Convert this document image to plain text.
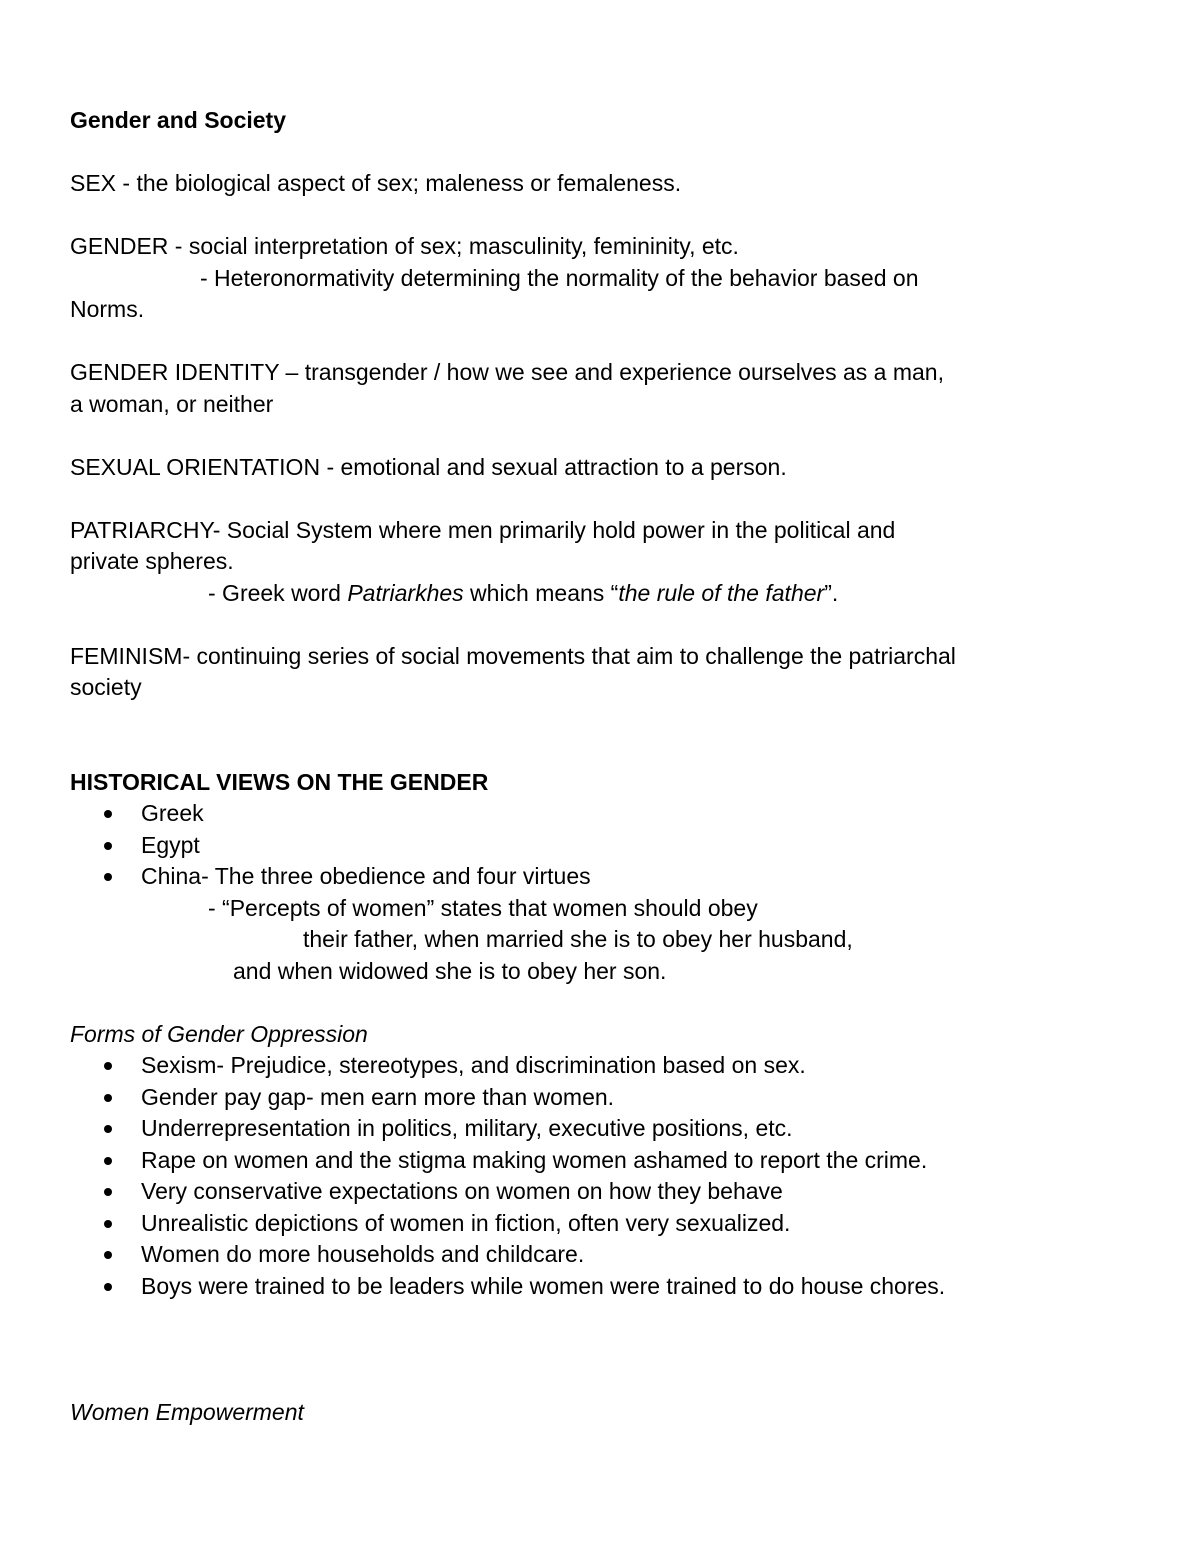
Gender and Society
SEX - the biological aspect of sex; maleness or femaleness.
GENDER - social interpretation of sex; masculinity, femininity, etc.
- Heteronormativity determining the normality of the behavior based on
Norms.
GENDER IDENTITY – transgender / how we see and experience ourselves as a man,
a woman, or neither
SEXUAL ORIENTATION - emotional and sexual attraction to a person.
PATRIARCHY- Social System where men primarily hold power in the political and
private spheres.
- Greek word Patriarkhes which means “the rule of the father”.
FEMINISM- continuing series of social movements that aim to challenge the patriarchal
society
HISTORICAL VIEWS ON THE GENDER
Greek
Egypt
China- The three obedience and four virtues
- “Percepts of women” states that women should obey
their father, when married she is to obey her husband,
and when widowed she is to obey her son.
Forms of Gender Oppression
Sexism- Prejudice, stereotypes, and discrimination based on sex.
Gender pay gap- men earn more than women.
Underrepresentation in politics, military, executive positions, etc.
Rape on women and the stigma making women ashamed to report the crime.
Very conservative expectations on women on how they behave
Unrealistic depictions of women in fiction, often very sexualized.
Women do more households and childcare.
Boys were trained to be leaders while women were trained to do house chores.
Women Empowerment
